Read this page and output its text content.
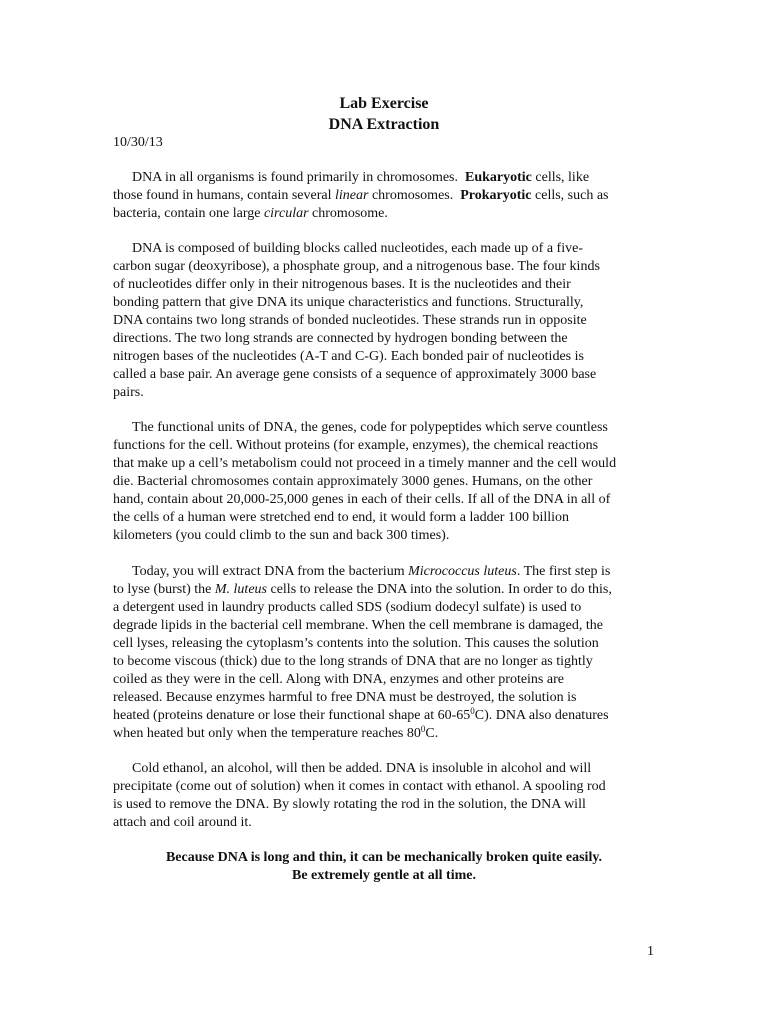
Lab Exercise
DNA Extraction
10/30/13
DNA in all organisms is found primarily in chromosomes. Eukaryotic cells, like
those found in humans, contain several linear chromosomes. Prokaryotic cells, such as
bacteria, contain one large circular chromosome.
DNA is composed of building blocks called nucleotides, each made up of a five-
carbon sugar (deoxyribose), a phosphate group, and a nitrogenous base. The four kinds
of nucleotides differ only in their nitrogenous bases. It is the nucleotides and their
bonding pattern that give DNA its unique characteristics and functions. Structurally,
DNA contains two long strands of bonded nucleotides. These strands run in opposite
directions. The two long strands are connected by hydrogen bonding between the
nitrogen bases of the nucleotides (A-T and C-G). Each bonded pair of nucleotides is
called a base pair. An average gene consists of a sequence of approximately 3000 base
pairs.
The functional units of DNA, the genes, code for polypeptides which serve countless
functions for the cell. Without proteins (for example, enzymes), the chemical reactions
that make up a cell’s metabolism could not proceed in a timely manner and the cell would
die. Bacterial chromosomes contain approximately 3000 genes. Humans, on the other
hand, contain about 20,000-25,000 genes in each of their cells. If all of the DNA in all of
the cells of a human were stretched end to end, it would form a ladder 100 billion
kilometers (you could climb to the sun and back 300 times).
Today, you will extract DNA from the bacterium Micrococcus luteus. The first step is
to lyse (burst) the M. luteus cells to release the DNA into the solution. In order to do this,
a detergent used in laundry products called SDS (sodium dodecyl sulfate) is used to
degrade lipids in the bacterial cell membrane. When the cell membrane is damaged, the
cell lyses, releasing the cytoplasm’s contents into the solution. This causes the solution
to become viscous (thick) due to the long strands of DNA that are no longer as tightly
coiled as they were in the cell. Along with DNA, enzymes and other proteins are
released. Because enzymes harmful to free DNA must be destroyed, the solution is
heated (proteins denature or lose their functional shape at $60-65^0C$). DNA also denatures
when heated but only when the temperature reaches $80^0C$.
Cold ethanol, an alcohol, will then be added. DNA is insoluble in alcohol and will
precipitate (come out of solution) when it comes in contact with ethanol. A spooling rod
is used to remove the DNA. By slowly rotating the rod in the solution, the DNA will
attach and coil around it.
Because DNA is long and thin, it can be mechanically broken quite easily.
Be extremely gentle at all time.
1
